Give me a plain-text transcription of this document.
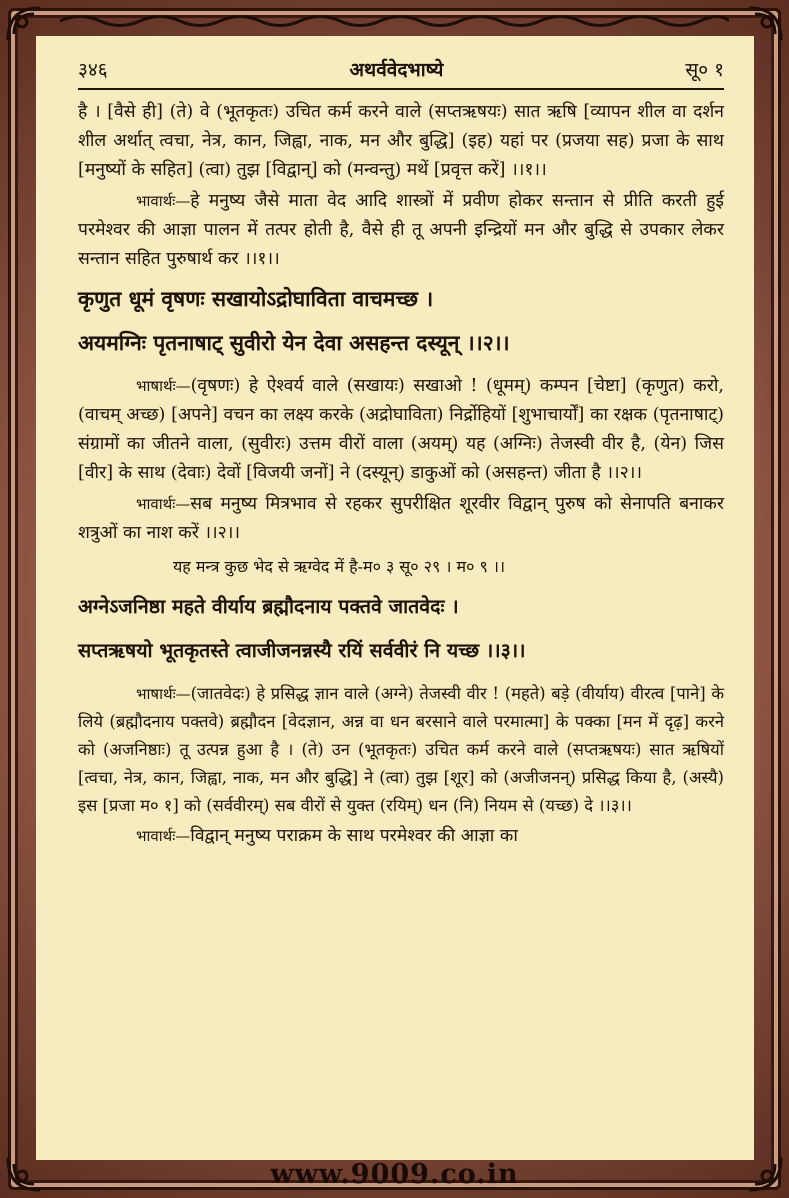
३४६	अथर्ववेदभाष्ये	सू० १

है । [वैसे ही] (ते) वे (भूतकृतः) उचित कर्म करने वाले (सप्तऋषयः) सात ऋषि [व्यापन शील वा दर्शन शील अर्थात् त्वचा, नेत्र, कान, जिह्वा, नाक, मन और बुद्धि] (इह) यहां पर (प्रजया सह) प्रजा के साथ [मनुष्यों के सहित] (त्वा) तुझ [विद्वान्] को (मन्वन्तु) मथें [प्रवृत्त करें] ।।१।।

भावार्थः—हे मनुष्य जैसे माता वेद आदि शास्त्रों में प्रवीण होकर सन्तान से प्रीति करती हुई परमेश्वर की आज्ञा पालन में तत्पर होती है, वैसे ही तू अपनी इन्द्रियों मन और बुद्धि से उपकार लेकर सन्तान सहित पुरुषार्थ कर ।।१।।

कृणुत धूमं वृषणः सखायोऽद्रोघाविता वाचमच्छ ।

अयमग्निः पृतनाषाट् सुवीरो येन देवा असहन्त दस्यून् ।।२।।

भाषार्थः—(वृषणः) हे ऐश्वर्य वाले (सखायः) सखाओ ! (धूमम्) कम्पन [चेष्टा] (कृणुत) करो, (वाचम् अच्छ) [अपने] वचन का लक्ष्य करके (अद्रोघाविता) निर्द्रोहियों [शुभाचार्यों] का रक्षक (पृतनाषाट्) संग्रामों का जीतने वाला, (सुवीरः) उत्तम वीरों वाला (अयम्) यह (अग्निः) तेजस्वी वीर है, (येन) जिस [वीर] के साथ (देवाः) देवों [विजयी जनों] ने (दस्यून्) डाकुओं को (असहन्त) जीता है ।।२।।

भावार्थः—सब मनुष्य मित्रभाव से रहकर सुपरीक्षित शूरवीर विद्वान् पुरुष को सेनापति बनाकर शत्रुओं का नाश करें ।।२।।

यह मन्त्र कुछ भेद से ऋग्वेद में है-म० ३ सू० २९ । म० ९ ।।

अग्नेऽजनिष्ठा महते वीर्याय ब्रह्मौदनाय पक्तवे जातवेदः ।

सप्तऋषयो भूतकृतस्ते त्वाजीजनन्नस्यै रयिं सर्ववीरं नि यच्छ ।।३।।

भाषार्थः—(जातवेदः) हे प्रसिद्ध ज्ञान वाले (अग्ने) तेजस्वी वीर ! (महते) बड़े (वीर्याय) वीरत्व [पाने] के लिये (ब्रह्मौदनाय पक्तवे) ब्रह्मौदन [वेदज्ञान, अन्न वा धन बरसाने वाले परमात्मा] के पक्का [मन में दृढ़] करने को (अजनिष्ठाः) तू उत्पन्न हुआ है । (ते) उन (भूतकृतः) उचित कर्म करने वाले (सप्तऋषयः) सात ऋषियों [त्वचा, नेत्र, कान, जिह्वा, नाक, मन और बुद्धि] ने (त्वा) तुझ [शूर] को (अजीजनन्) प्रसिद्ध किया है, (अस्यै) इस [प्रजा म० १] को (सर्ववीरम्) सब वीरों से युक्त (रयिम्) धन (नि) नियम से (यच्छ) दे ।।३।।

भावार्थः—विद्वान् मनुष्य पराक्रम के साथ परमेश्वर की आज्ञा का

www.9009.co.in
